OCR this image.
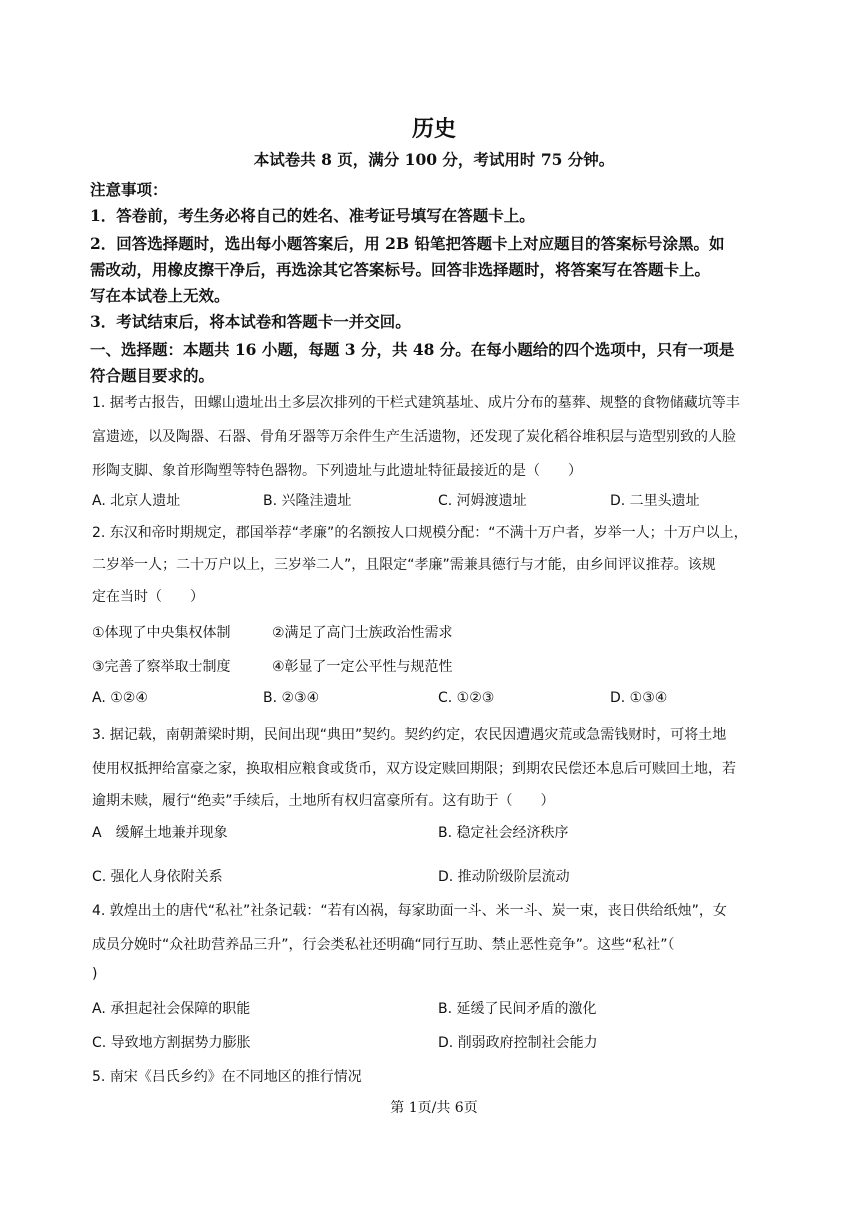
历史
本试卷共 8 页，满分 100 分，考试用时 75 分钟。
注意事项：
1．答卷前，考生务必将自己的姓名、准考证号填写在答题卡上。
2．回答选择题时，选出每小题答案后，用 2B 铅笔把答题卡上对应题目的答案标号涂黑。如
需改动，用橡皮擦干净后，再选涂其它答案标号。回答非选择题时，将答案写在答题卡上。
写在本试卷上无效。
3．考试结束后，将本试卷和答题卡一并交回。
一、选择题：本题共 16 小题，每题 3 分，共 48 分。在每小题给的四个选项中，只有一项是
符合题目要求的。
1. 据考古报告，田螺山遗址出土多层次排列的干栏式建筑基址、成片分布的墓葬、规整的食物储藏坑等丰
富遗迹，以及陶器、石器、骨角牙器等万余件生产生活遗物，还发现了炭化稻谷堆积层与造型别致的人脸
形陶支脚、象首形陶塑等特色器物。下列遗址与此遗址特征最接近的是（　　）
A. 北京人遗址	B. 兴隆洼遗址	C. 河姆渡遗址	D. 二里头遗址
2. 东汉和帝时期规定，郡国举荐“孝廉”的名额按人口规模分配：“不满十万户者，岁举一人；十万户以上，
二岁举一人；二十万户以上，三岁举二人”，且限定“孝廉”需兼具德行与才能，由乡间评议推荐。该规
定在当时（　　）
①体现了中央集权体制	②满足了高门士族政治性需求
③完善了察举取士制度	④彰显了一定公平性与规范性
A. ①②④	B. ②③④	C. ①②③	D. ①③④
3. 据记载，南朝萧梁时期，民间出现“典田”契约。契约约定，农民因遭遇灾荒或急需钱财时，可将土地
使用权抵押给富豪之家，换取相应粮食或货币，双方设定赎回期限；到期农民偿还本息后可赎回土地，若
逾期未赎，履行“绝卖”手续后，土地所有权归富豪所有。这有助于（　　）
A　缓解土地兼并现象	B. 稳定社会经济秩序
C. 强化人身依附关系	D. 推动阶级阶层流动
4. 敦煌出土的唐代“私社”社条记载：“若有凶祸，每家助面一斗、米一斗、炭一束，丧日供给纸烛”，女
成员分娩时“众社助营养品三升”，行会类私社还明确“同行互助、禁止恶性竞争”。这些“私社”（
)
A. 承担起社会保障的职能	B. 延缓了民间矛盾的激化
C. 导致地方割据势力膨胀	D. 削弱政府控制社会能力
5. 南宋《吕氏乡约》在不同地区的推行情况
第 1页/共 6页
